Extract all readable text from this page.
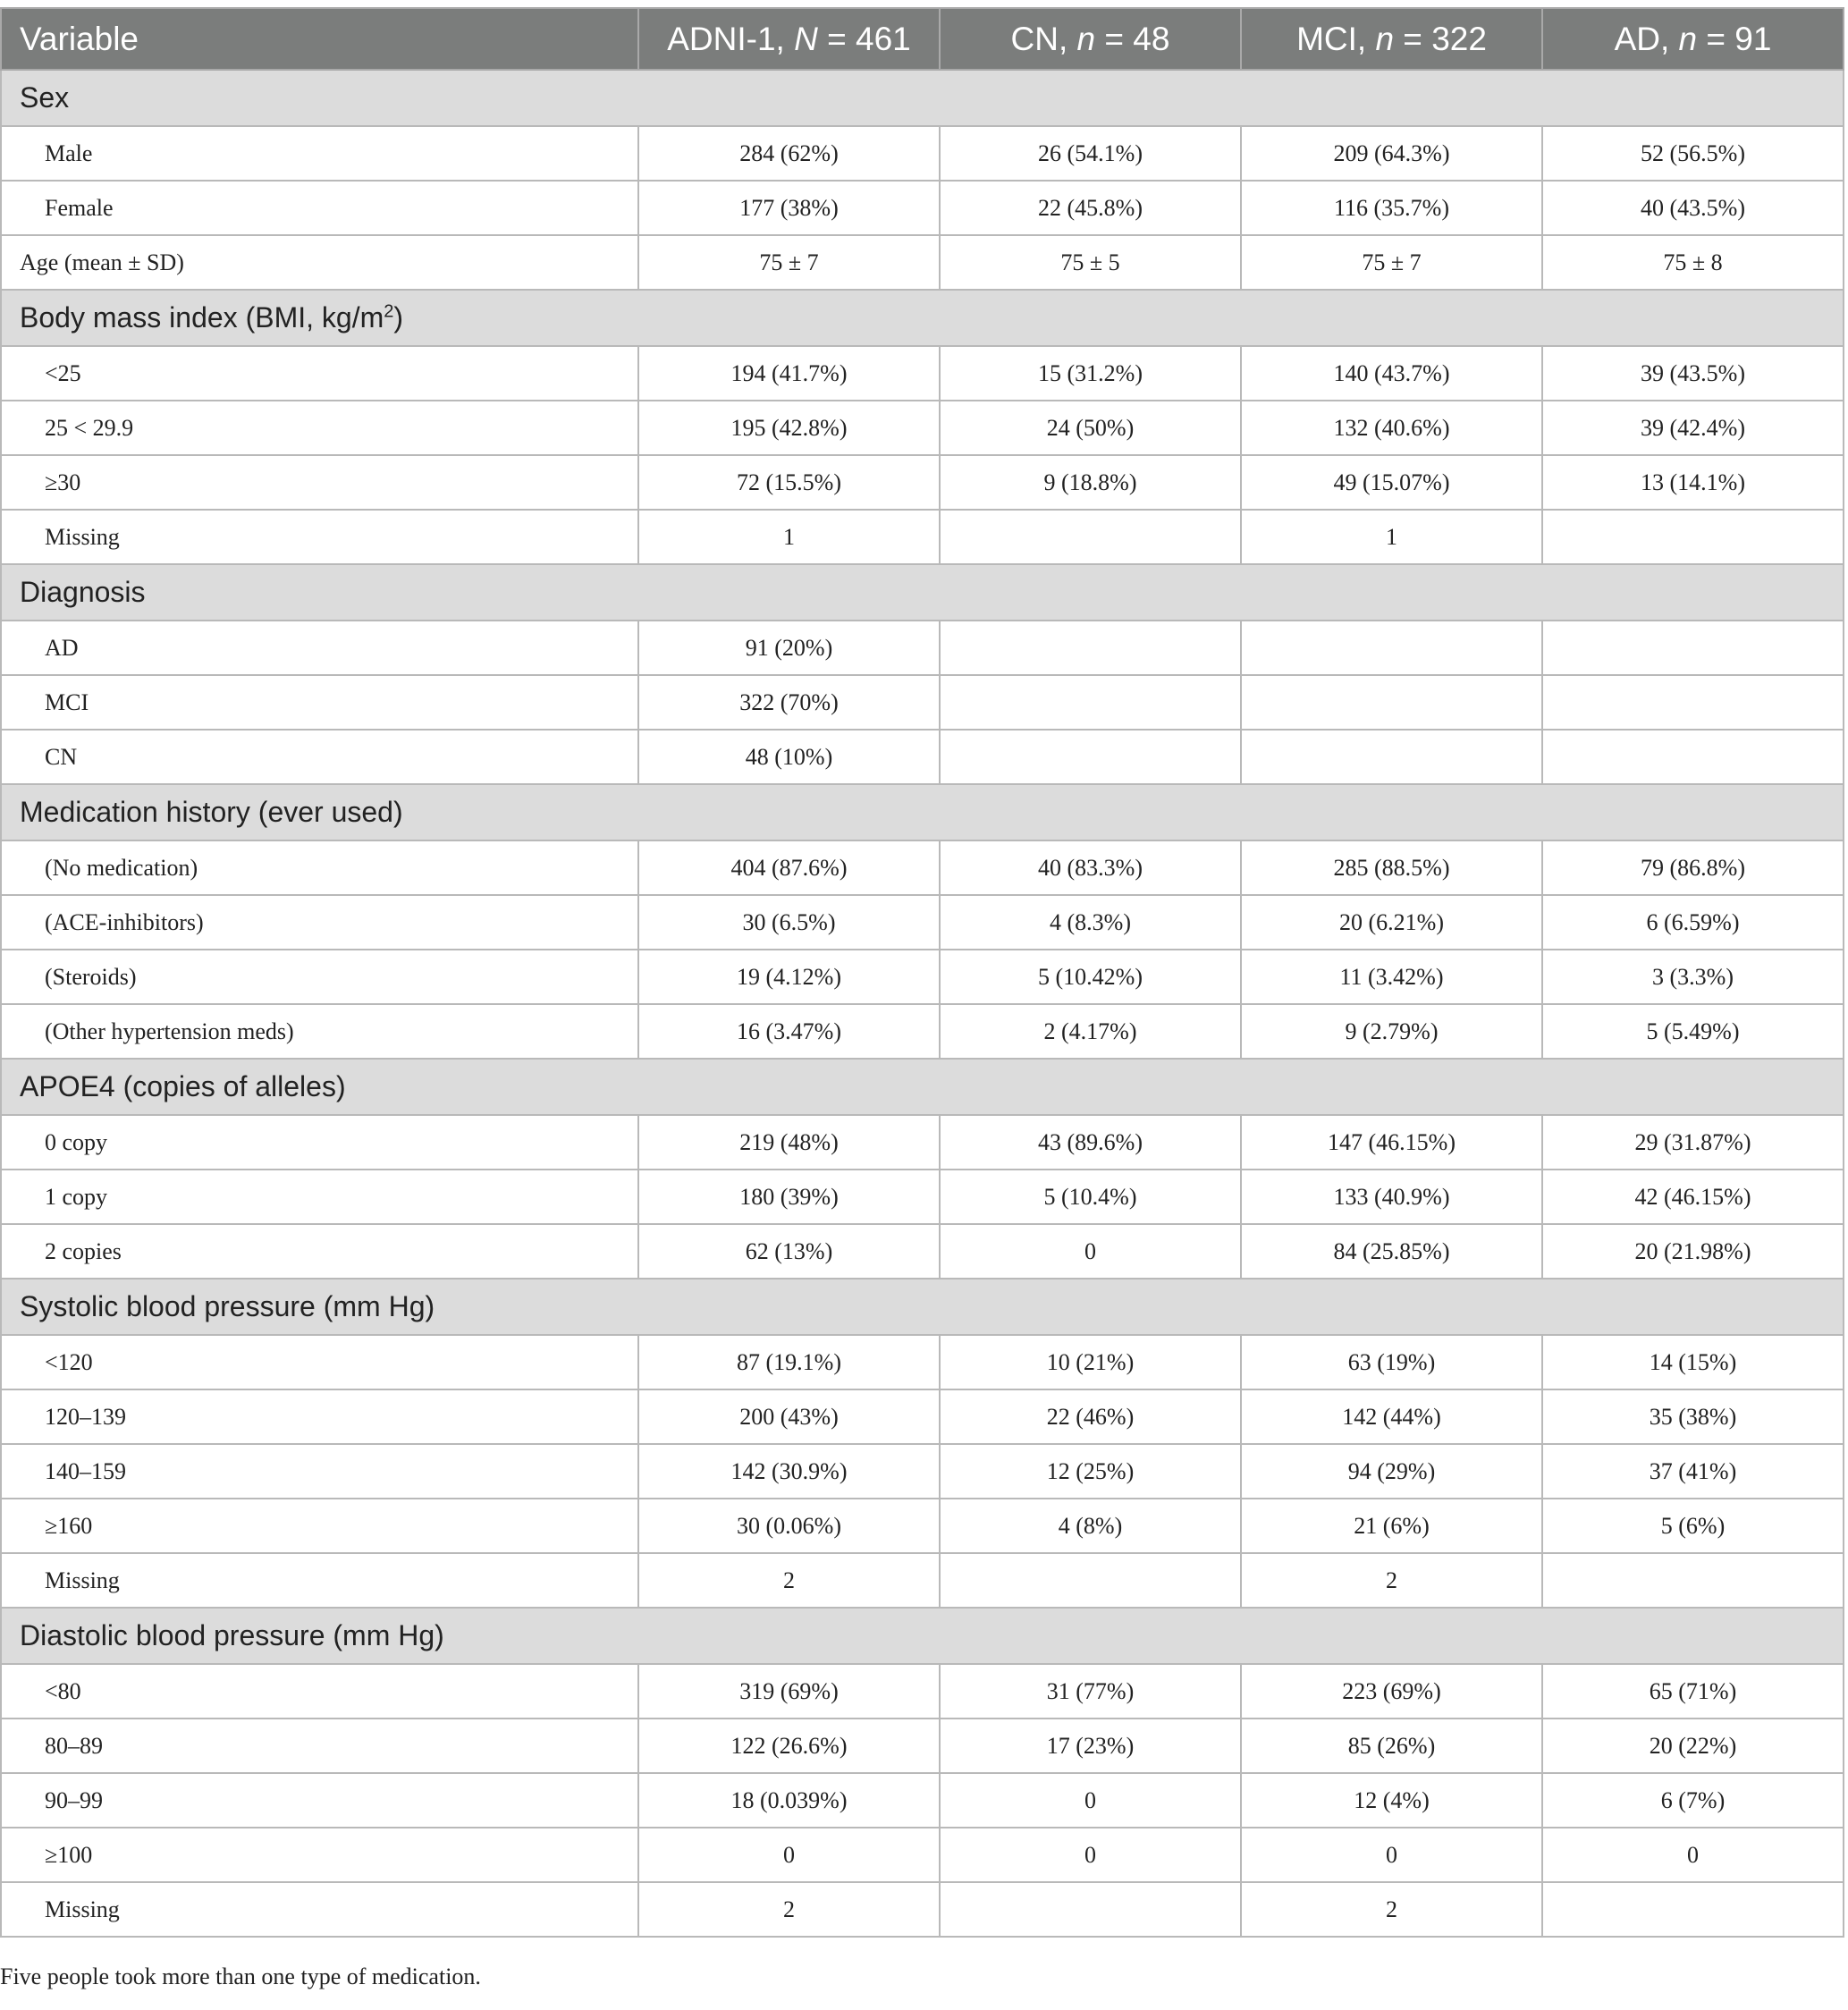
Variable	ADNI-1, N = 461	CN, n = 48	MCI, n = 322	AD, n = 91
Sex				
Male	284 (62%)	26 (54.1%)	209 (64.3%)	52 (56.5%)
Female	177 (38%)	22 (45.8%)	116 (35.7%)	40 (43.5%)
Age (mean ± SD)	75 ± 7	75 ± 5	75 ± 7	75 ± 8
Body mass index (BMI, $kg/m^2$)				
<25	194 (41.7%)	15 (31.2%)	140 (43.7%)	39 (43.5%)
25 < 29.9	195 (42.8%)	24 (50%)	132 (40.6%)	39 (42.4%)
≥30	72 (15.5%)	9 (18.8%)	49 (15.07%)	13 (14.1%)
Missing	1		1	
Diagnosis				
AD	91 (20%)			
MCI	322 (70%)			
CN	48 (10%)			
Medication history (ever used)				
(No medication)	404 (87.6%)	40 (83.3%)	285 (88.5%)	79 (86.8%)
(ACE-inhibitors)	30 (6.5%)	4 (8.3%)	20 (6.21%)	6 (6.59%)
(Steroids)	19 (4.12%)	5 (10.42%)	11 (3.42%)	3 (3.3%)
(Other hypertension meds)	16 (3.47%)	2 (4.17%)	9 (2.79%)	5 (5.49%)
APOE4 (copies of alleles)				
0 copy	219 (48%)	43 (89.6%)	147 (46.15%)	29 (31.87%)
1 copy	180 (39%)	5 (10.4%)	133 (40.9%)	42 (46.15%)
2 copies	62 (13%)	0	84 (25.85%)	20 (21.98%)
Systolic blood pressure (mm Hg)				
<120	87 (19.1%)	10 (21%)	63 (19%)	14 (15%)
120–139	200 (43%)	22 (46%)	142 (44%)	35 (38%)
140–159	142 (30.9%)	12 (25%)	94 (29%)	37 (41%)
≥160	30 (0.06%)	4 (8%)	21 (6%)	5 (6%)
Missing	2		2	
Diastolic blood pressure (mm Hg)				
<80	319 (69%)	31 (77%)	223 (69%)	65 (71%)
80–89	122 (26.6%)	17 (23%)	85 (26%)	20 (22%)
90–99	18 (0.039%)	0	12 (4%)	6 (7%)
≥100	0	0	0	0
Missing	2		2	
Five people took more than one type of medication.
